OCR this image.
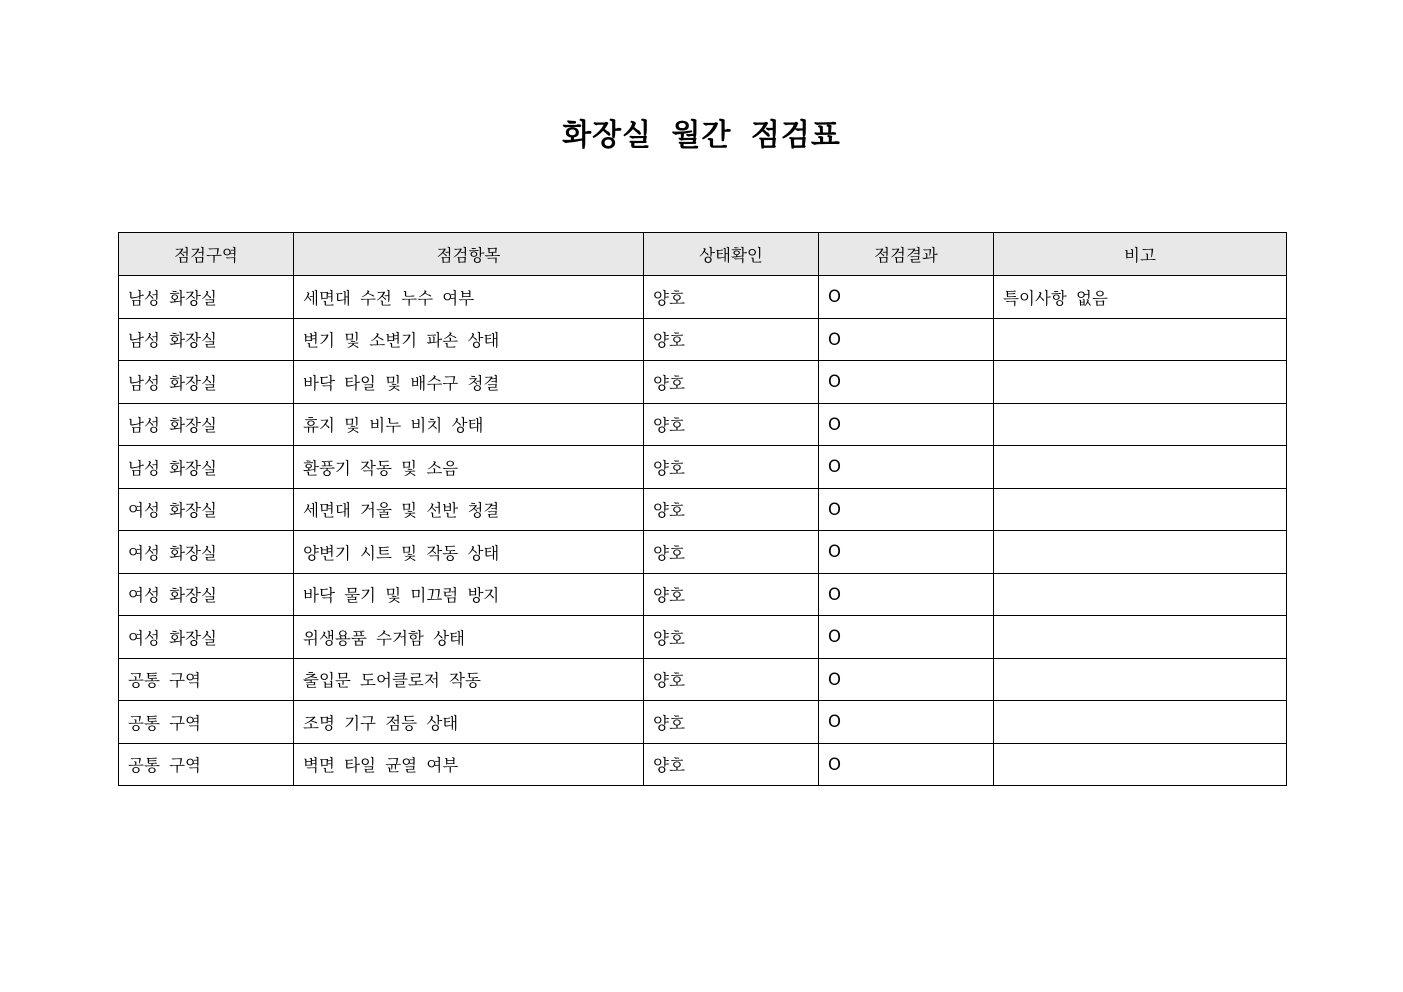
화장실 월간 점검표
점검구역	점검항목	상태확인	점검결과	비고
남성 화장실	세면대 수전 누수 여부	양호	O	특이사항 없음
남성 화장실	변기 및 소변기 파손 상태	양호	O	
남성 화장실	바닥 타일 및 배수구 청결	양호	O	
남성 화장실	휴지 및 비누 비치 상태	양호	O	
남성 화장실	환풍기 작동 및 소음	양호	O	
여성 화장실	세면대 거울 및 선반 청결	양호	O	
여성 화장실	양변기 시트 및 작동 상태	양호	O	
여성 화장실	바닥 물기 및 미끄럼 방지	양호	O	
여성 화장실	위생용품 수거함 상태	양호	O	
공통 구역	출입문 도어클로저 작동	양호	O	
공통 구역	조명 기구 점등 상태	양호	O	
공통 구역	벽면 타일 균열 여부	양호	O	
